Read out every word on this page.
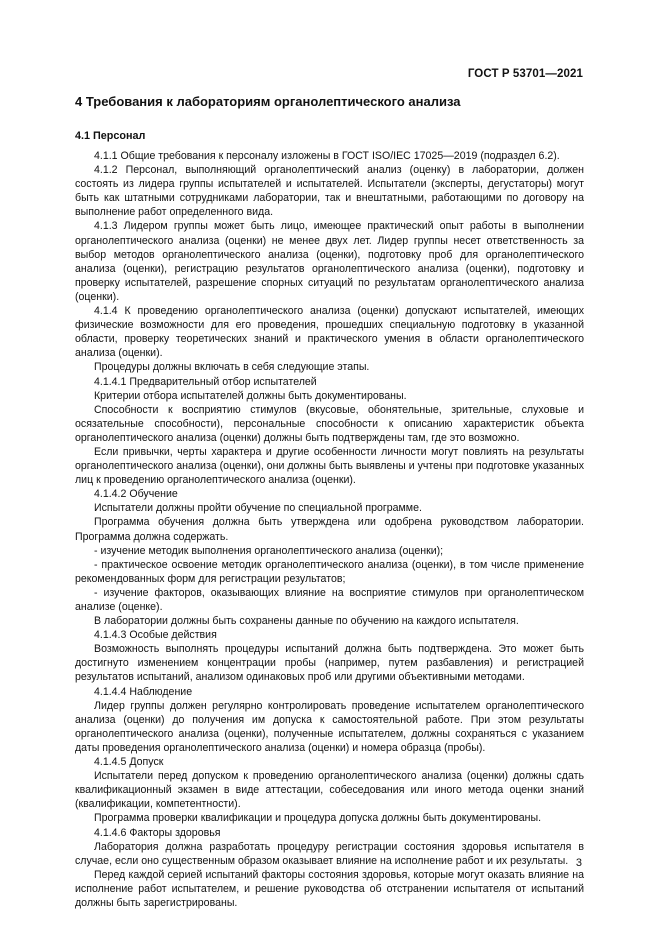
ГОСТ Р 53701—2021
4 Требования к лабораториям органолептического анализа
4.1 Персонал

4.1.1 Общие требования к персоналу изложены в ГОСТ ISO/IEC 17025—2019 (подраздел 6.2).

4.1.2 Персонал, выполняющий органолептический анализ (оценку) в лаборатории, должен состоять из лидера группы испытателей и испытателей. Испытатели (эксперты, дегустаторы) могут быть как штатными сотрудниками лаборатории, так и внештатными, работающими по договору на выполнение работ определенного вида.

4.1.3 Лидером группы может быть лицо, имеющее практический опыт работы в выполнении органолептического анализа (оценки) не менее двух лет. Лидер группы несет ответственность за выбор методов органолептического анализа (оценки), подготовку проб для органолептического анализа (оценки), регистрацию результатов органолептического анализа (оценки), подготовку и проверку испытателей, разрешение спорных ситуаций по результатам органолептического анализа (оценки).

4.1.4 К проведению органолептического анализа (оценки) допускают испытателей, имеющих физические возможности для его проведения, прошедших специальную подготовку в указанной области, проверку теоретических знаний и практического умения в области органолептического анализа (оценки).

Процедуры должны включать в себя следующие этапы.

4.1.4.1 Предварительный отбор испытателей

Критерии отбора испытателей должны быть документированы.

Способности к восприятию стимулов (вкусовые, обонятельные, зрительные, слуховые и осязательные способности), персональные способности к описанию характеристик объекта органолептического анализа (оценки) должны быть подтверждены там, где это возможно.

Если привычки, черты характера и другие особенности личности могут повлиять на результаты органолептического анализа (оценки), они должны быть выявлены и учтены при подготовке указанных лиц к проведению органолептического анализа (оценки).

4.1.4.2 Обучение

Испытатели должны пройти обучение по специальной программе.

Программа обучения должна быть утверждена или одобрена руководством лаборатории. Программа должна содержать.

- изучение методик выполнения органолептического анализа (оценки);

- практическое освоение методик органолептического анализа (оценки), в том числе применение рекомендованных форм для регистрации результатов;

- изучение факторов, оказывающих влияние на восприятие стимулов при органолептическом анализе (оценке).

В лаборатории должны быть сохранены данные по обучению на каждого испытателя.

4.1.4.3 Особые действия

Возможность выполнять процедуры испытаний должна быть подтверждена. Это может быть достигнуто изменением концентрации пробы (например, путем разбавления) и регистрацией результатов испытаний, анализом одинаковых проб или другими объективными методами.

4.1.4.4 Наблюдение

Лидер группы должен регулярно контролировать проведение испытателем органолептического анализа (оценки) до получения им допуска к самостоятельной работе. При этом результаты органолептического анализа (оценки), полученные испытателем, должны сохраняться с указанием даты проведения органолептического анализа (оценки) и номера образца (пробы).

4.1.4.5 Допуск

Испытатели перед допуском к проведению органолептического анализа (оценки) должны сдать квалификационный экзамен в виде аттестации, собеседования или иного метода оценки знаний (квалификации, компетентности).

Программа проверки квалификации и процедура допуска должны быть документированы.

4.1.4.6 Факторы здоровья

Лаборатория должна разработать процедуру регистрации состояния здоровья испытателя в случае, если оно существенным образом оказывает влияние на исполнение работ и их результаты.

Перед каждой серией испытаний факторы состояния здоровья, которые могут оказать влияние на исполнение работ испытателем, и решение руководства об отстранении испытателя от испытаний должны быть зарегистрированы.

3
